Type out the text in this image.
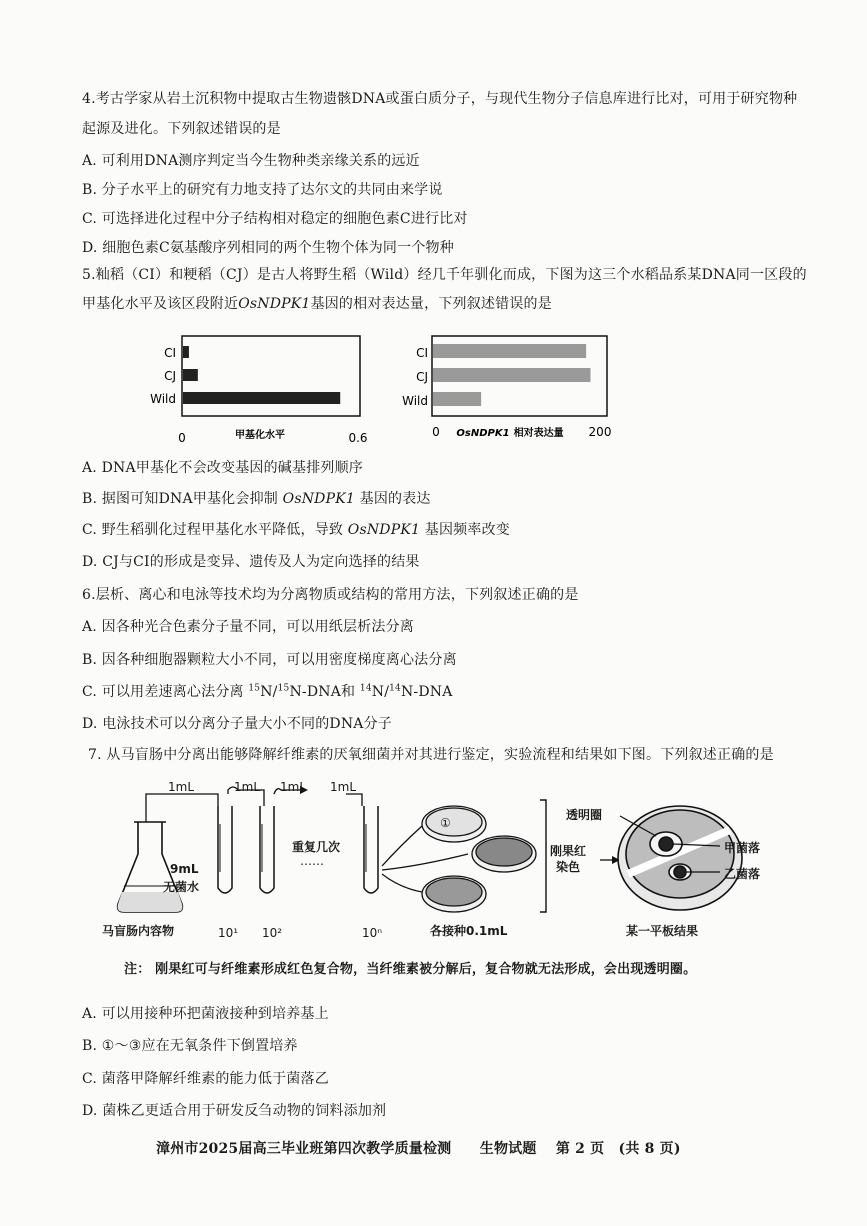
4.考古学家从岩土沉积物中提取古生物遗骸DNA或蛋白质分子，与现代生物分子信息库进行比对，可用于研究物种
起源及进化。下列叙述错误的是
A. 可利用DNA测序判定当今生物种类亲缘关系的远近
B. 分子水平上的研究有力地支持了达尔文的共同由来学说
C. 可选择进化过程中分子结构相对稳定的细胞色素C进行比对
D. 细胞色素C氨基酸序列相同的两个生物个体为同一个物种
5.籼稻（CI）和粳稻（CJ）是古人将野生稻（Wild）经几千年驯化而成，下图为这三个水稻品系某DNA同一区段的
甲基化水平及该区段附近OsNDPK1基因的相对表达量，下列叙述错误的是
CI
CJ
Wild
0	0.6
甲基化水平
CI
CJ
Wild
0	200
OsNDPK1 相对表达量
A. DNA甲基化不会改变基因的碱基排列顺序
B. 据图可知DNA甲基化会抑制 OsNDPK1 基因的表达
C. 野生稻驯化过程甲基化水平降低，导致 OsNDPK1 基因频率改变
D. CJ与CI的形成是变异、遗传及人为定向选择的结果
6.层析、离心和电泳等技术均为分离物质或结构的常用方法，下列叙述正确的是
A. 因各种光合色素分子量不同，可以用纸层析法分离
B. 因各种细胞器颗粒大小不同，可以用密度梯度离心法分离
C. 可以用差速离心法分离 $^{15}$N/$^{15}$N-DNA和 $^{14}$N/$^{14}$N-DNA
D. 电泳技术可以分离分子量大小不同的DNA分子
7. 从马盲肠中分离出能够降解纤维素的厌氧细菌并对其进行鉴定，实验流程和结果如下图。下列叙述正确的是
1mL	1mL 1mL 1mL
9mL
无菌水
重复几次
……
马盲肠内容物	10¹ 10²	10ⁿ
①
各接种0.1mL
刚果红
染色
透明圈
甲菌落
乙菌落
某一平板结果
注： 刚果红可与纤维素形成红色复合物，当纤维素被分解后，复合物就无法形成，会出现透明圈。
A. 可以用接种环把菌液接种到培养基上
B. ①～③应在无氧条件下倒置培养
C. 菌落甲降解纤维素的能力低于菌落乙
D. 菌株乙更适合用于研发反刍动物的饲料添加剂
漳州市2025届高三毕业班第四次教学质量检测　　生物试题　 第 2 页　(共 8 页)
